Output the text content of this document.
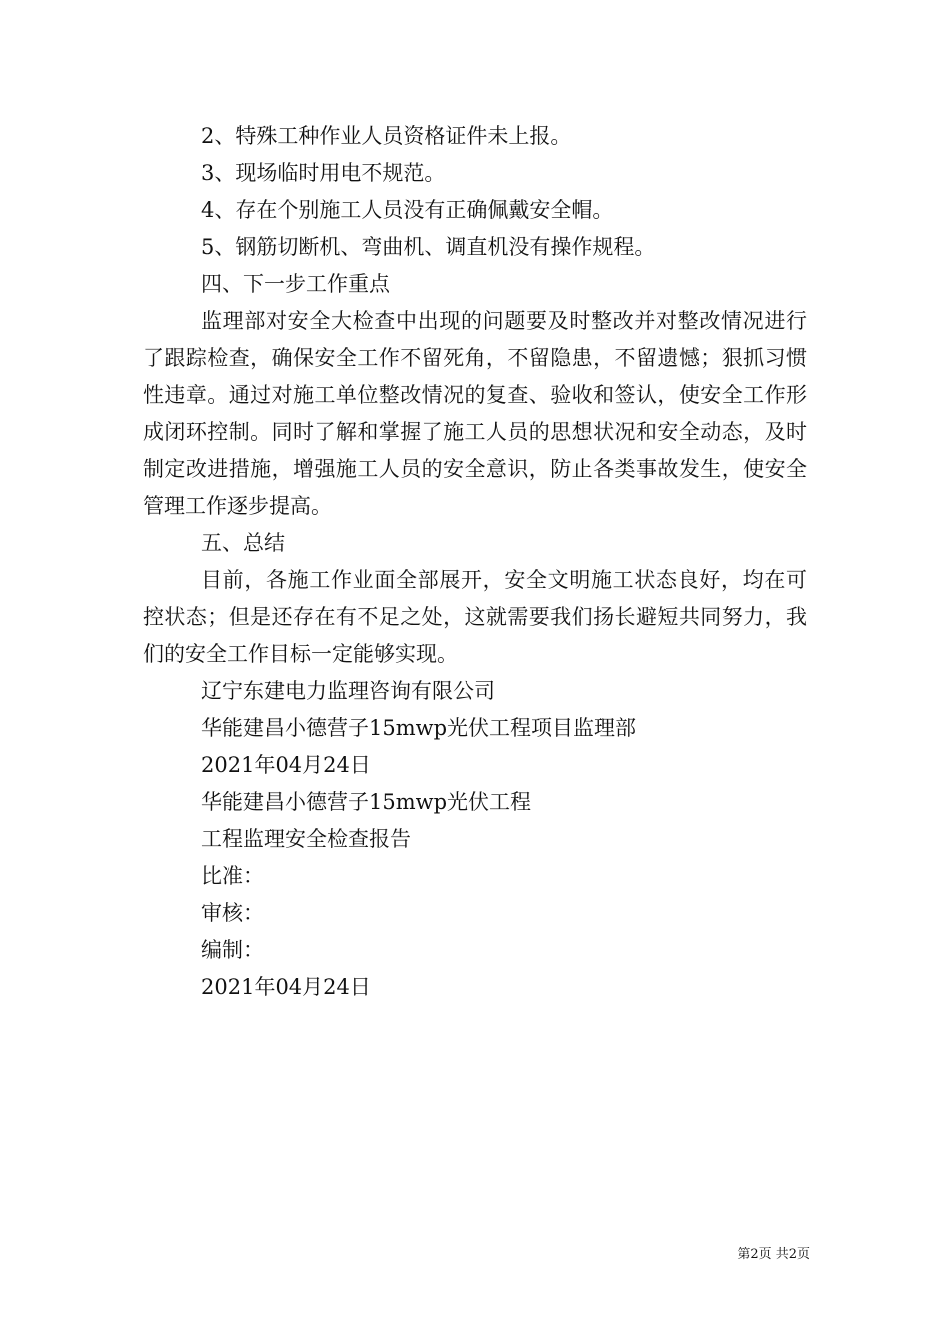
2、特殊工种作业人员资格证件未上报。
3、现场临时用电不规范。
4、存在个别施工人员没有正确佩戴安全帽。
5、钢筋切断机、弯曲机、调直机没有操作规程。
四、下一步工作重点

监理部对安全大检查中出现的问题要及时整改并对整改情况进行了跟踪检查，确保安全工作不留死角，不留隐患，不留遗憾；狠抓习惯性违章。通过对施工单位整改情况的复查、验收和签认，使安全工作形成闭环控制。同时了解和掌握了施工人员的思想状况和安全动态，及时制定改进措施，增强施工人员的安全意识，防止各类事故发生，使安全管理工作逐步提高。

五、总结

目前，各施工作业面全部展开，安全文明施工状态良好，均在可控状态；但是还存在有不足之处，这就需要我们扬长避短共同努力，我们的安全工作目标一定能够实现。

辽宁东建电力监理咨询有限公司
华能建昌小德营子15mwp光伏工程项目监理部
2021年04月24日
华能建昌小德营子15mwp光伏工程
工程监理安全检查报告
比准：
审核：
编制：
2021年04月24日
第2页 共2页
